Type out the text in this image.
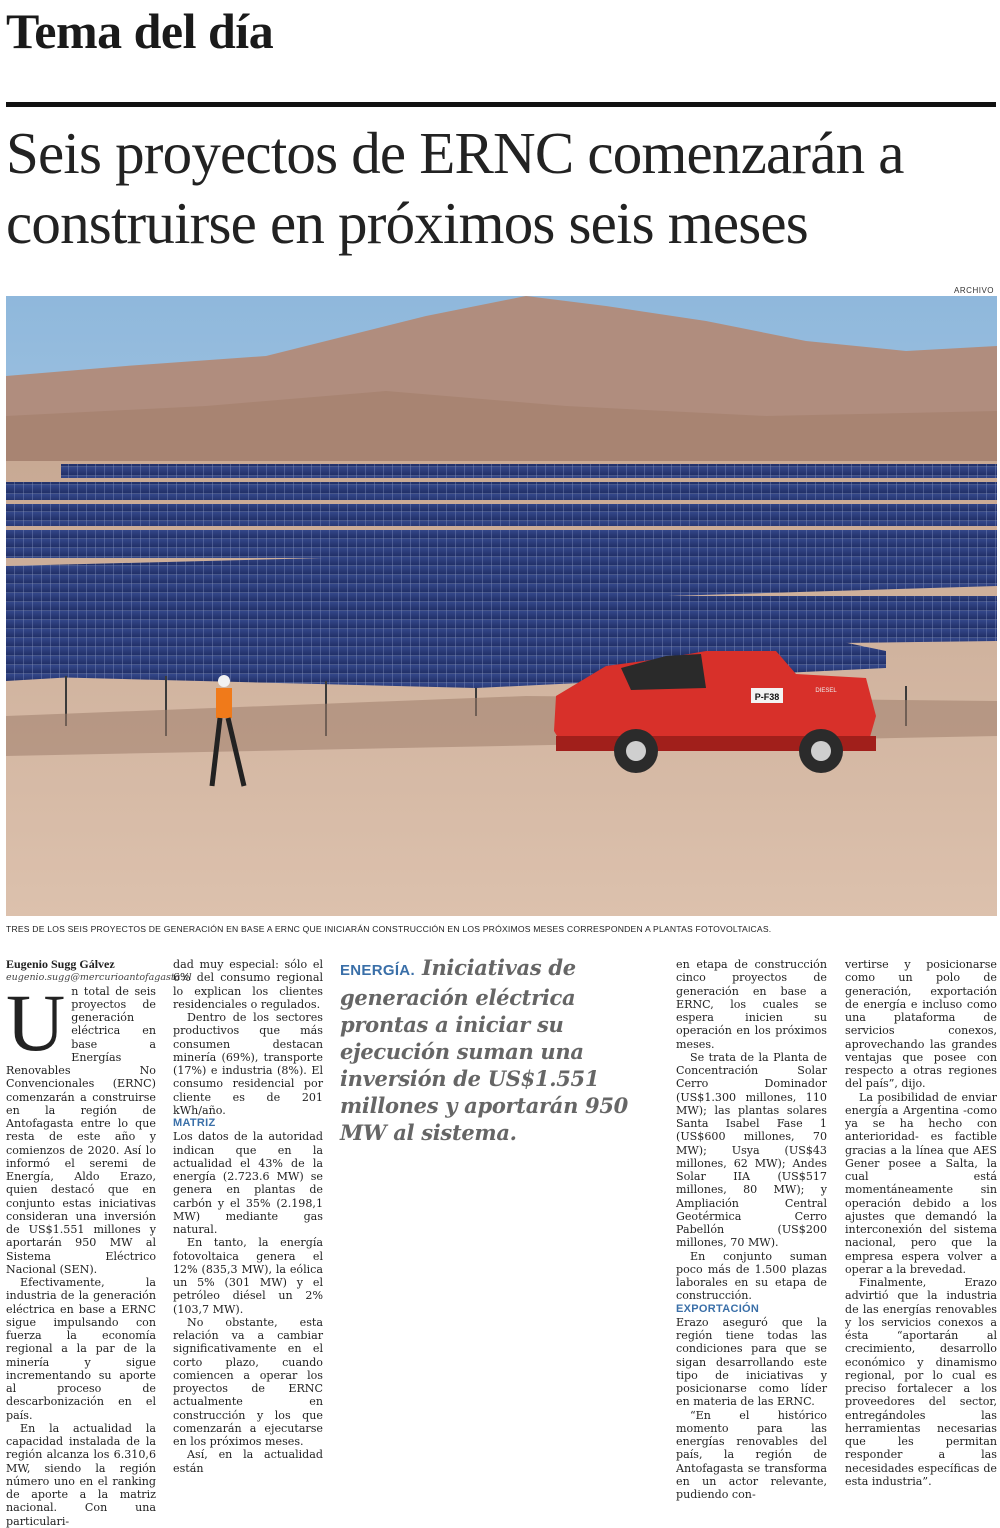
Tema del día
Seis proyectos de ERNC comenzarán a construirse en próximos seis meses
ARCHIVO
P-F38
DIESEL
TRES DE LOS SEIS PROYECTOS DE GENERACIÓN EN BASE A ERNC QUE INICIARÁN CONSTRUCCIÓN EN LOS PRÓXIMOS MESES CORRESPONDEN A PLANTAS FOTOVOLTAICAS.

Eugenio Sugg Gálvez

eugenio.sugg@mercurioantofagasta.cl

U n total de seis proyectos de generación eléctrica en base a Energías Renovables No Convencionales (ERNC) comenzarán a construirse en la región de Antofagasta entre lo que resta de este año y comienzos de 2020. Así lo informó el seremi de Energía, Aldo Erazo, quien destacó que en conjunto estas iniciativas consideran una inversión de US$1.551 millones y aportarán 950 MW al Sistema Eléctrico Nacional (SEN).

Efectivamente, la industria de la generación eléctrica en base a ERNC sigue impulsando con fuerza la economía regional a la par de la minería y sigue incrementando su aporte al proceso de descarbonización en el país.

En la actualidad la capacidad instalada de la región alcanza los 6.310,6 MW, siendo la región número uno en el ranking de aporte a la matriz nacional. Con una particulari-

dad muy especial: sólo el 6% del consumo regional lo explican los clientes residenciales o regulados.

Dentro de los sectores productivos que más consumen destacan minería (69%), transporte (17%) e industria (8%). El consumo residencial por cliente es de 201 kWh/año.

MATRIZ

Los datos de la autoridad indican que en la actualidad el 43% de la energía (2.723.6 MW) se genera en plantas de carbón y el 35% (2.198,1 MW) mediante gas natural.

En tanto, la energía fotovoltaica genera el 12% (835,3 MW), la eólica un 5% (301 MW) y el petróleo diésel un 2% (103,7 MW).

No obstante, esta relación va a cambiar significativamente en el corto plazo, cuando comiencen a operar los proyectos de ERNC actualmente en construcción y los que comenzarán a ejecutarse en los próximos meses.

Así, en la actualidad están

ENERGÍA. Iniciativas de generación eléctrica prontas a iniciar su ejecución suman una inversión de US$1.551 millones y aportarán 950 MW al sistema.

en etapa de construcción cinco proyectos de generación en base a ERNC, los cuales se espera inicien su operación en los próximos meses.

Se trata de la Planta de Concentración Solar Cerro Dominador (US$1.300 millones, 110 MW); las plantas solares Santa Isabel Fase 1 (US$600 millones, 70 MW); Usya (US$43 millones, 62 MW); Andes Solar IIA (US$517 millones, 80 MW); y Ampliación Central Geotérmica Cerro Pabellón (US$200 millones, 70 MW).

En conjunto suman poco más de 1.500 plazas laborales en su etapa de construcción.

EXPORTACIÓN

Erazo aseguró que la región tiene todas las condiciones para que se sigan desarrollando este tipo de iniciativas y posicionarse como líder en materia de las ERNC.

“En el histórico momento para las energías renovables del país, la región de Antofagasta se transforma en un actor relevante, pudiendo con-

vertirse y posicionarse como un polo de generación, exportación de energía e incluso como una plataforma de servicios conexos, aprovechando las grandes ventajas que posee con respecto a otras regiones del país”, dijo.

La posibilidad de enviar energía a Argentina -como ya se ha hecho con anterioridad- es factible gracias a la línea que AES Gener posee a Salta, la cual está momentáneamente sin operación debido a los ajustes que demandó la interconexión del sistema nacional, pero que la empresa espera volver a operar a la brevedad.

Finalmente, Erazo advirtió que la industria de las energías renovables y los servicios conexos a ésta “aportarán al crecimiento, desarrollo económico y dinamismo regional, por lo cual es preciso fortalecer a los proveedores del sector, entregándoles las herramientas necesarias que les permitan responder a las necesidades específicas de esta industria”.
